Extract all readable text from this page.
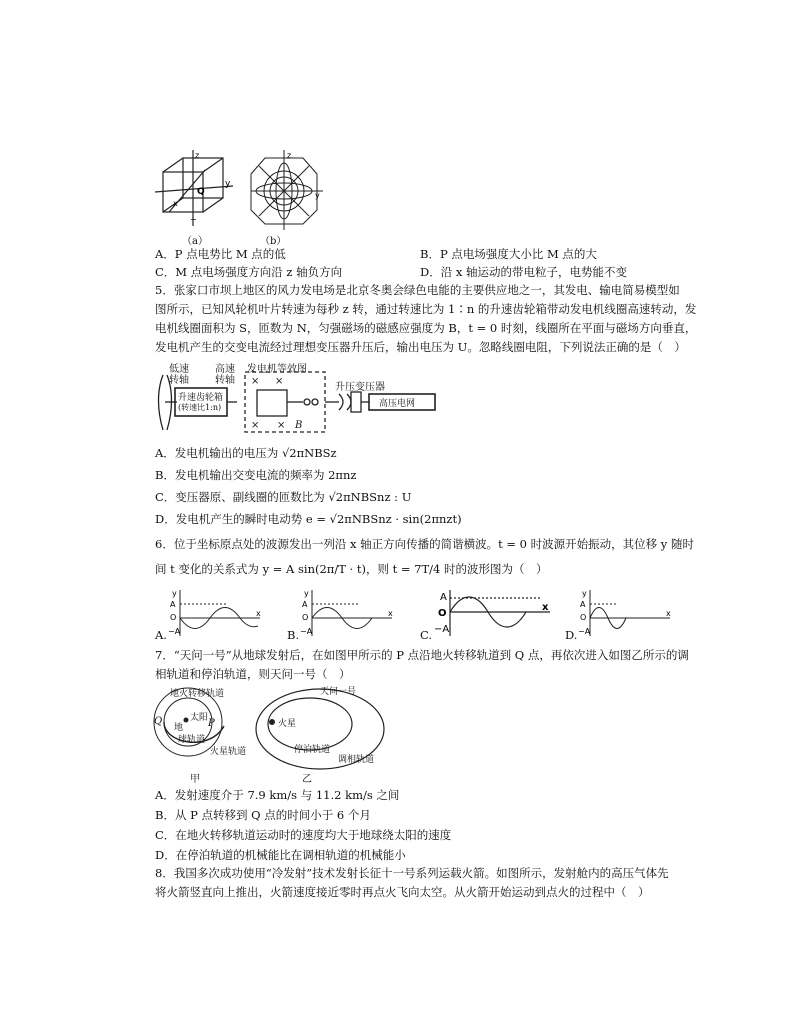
y
z
x
Q
−
（a）
y
z
（b）
A．P 点电势比 M 点的低	B．P 点电场强度大小比 M 点的大
C．M 点电场强度方向沿 z 轴负方向	D．沿 x 轴运动的带电粒子，电势能不变
5．张家口市坝上地区的风力发电场是北京冬奥会绿色电能的主要供应地之一，其发电、输电简易模型如
图所示，已知风轮机叶片转速为每秒 z 转，通过转速比为 1∶n 的升速齿轮箱带动发电机线圈高速转动，发
电机线圈面积为 S，匝数为 N，匀强磁场的磁感应强度为 B，t = 0 时刻，线圈所在平面与磁场方向垂直，
发电机产生的交变电流经过理想变压器升压后，输出电压为 U。忽略线圈电阻，下列说法正确的是（　）
低速
转轴
高速
转轴
发电机等效图
升速齿轮箱
(转速比1:n)
升压变压器
高压电网
B
× ×
× ×
A．发电机输出的电压为 √2πNBSz
B．发电机输出交变电流的频率为 2πnz
C．变压器原、副线圈的匝数比为 √2πNBSnz : U
D．发电机产生的瞬时电动势 e = √2πNBSnz · sin(2πnzt)
6．位于坐标原点处的波源发出一列沿 x 轴正方向传播的简谐横波。t = 0 时波源开始振动，其位移 y 随时
间 t 变化的关系式为 y = A sin(2π/T · t)，则 t = 7T/4 时的波形图为（　）
A.
y
x
A
O
−A	B.
y
x
A
O
−A	C.
A
O
−A
x
D.
y
x
A
O
−A
7．“天问一号”从地球发射后，在如图甲所示的 P 点沿地火转移轨道到 Q 点，再依次进入如图乙所示的调
相轨道和停泊轨道，则天问一号（　）
地火转移轨道
太阳
地
球轨道
火星轨道
P
Q
甲
天问一号
火星
停泊轨道
调相轨道
乙
A．发射速度介于 7.9 km/s 与 11.2 km/s 之间
B．从 P 点转移到 Q 点的时间小于 6 个月
C．在地火转移轨道运动时的速度均大于地球绕太阳的速度
D．在停泊轨道的机械能比在调相轨道的机械能小
8．我国多次成功使用“冷发射”技术发射长征十一号系列运载火箭。如图所示，发射舱内的高压气体先
将火箭竖直向上推出，火箭速度接近零时再点火飞向太空。从火箭开始运动到点火的过程中（　）
